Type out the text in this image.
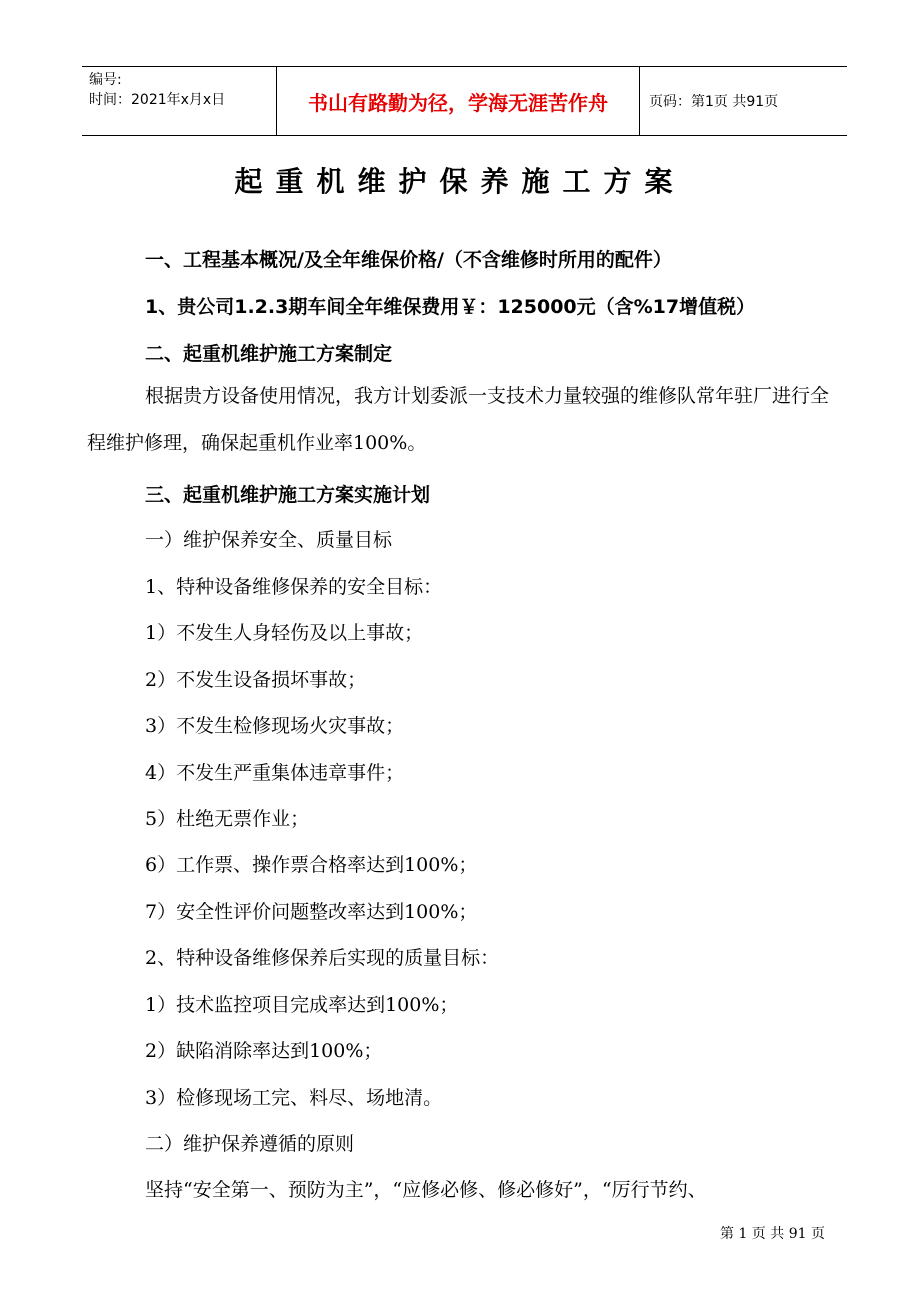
编号:
时间：2021年x月x日	书山有路勤为径，学海无涯苦作舟	页码：第1页 共91页
起重机维护保养施工方案
一、工程基本概况/及全年维保价格/（不含维修时所用的配件）
1、贵公司1.2.3期车间全年维保费用￥：125000元（含%17增值税）
二、起重机维护施工方案制定
根据贵方设备使用情况，我方计划委派一支技术力量较强的维修队常年驻厂进行全程维护修理，确保起重机作业率100%。
三、起重机维护施工方案实施计划
一）维护保养安全、质量目标
1、特种设备维修保养的安全目标：
1）不发生人身轻伤及以上事故；
2）不发生设备损坏事故；
3）不发生检修现场火灾事故；
4）不发生严重集体违章事件；
5）杜绝无票作业；
6）工作票、操作票合格率达到100%；
7）安全性评价问题整改率达到100%；
2、特种设备维修保养后实现的质量目标：
1）技术监控项目完成率达到100%；
2）缺陷消除率达到100%；
3）检修现场工完、料尽、场地清。
二）维护保养遵循的原则
坚持“安全第一、预防为主”，“应修必修、修必修好”，“厉行节约、
第 1 页 共 91 页
